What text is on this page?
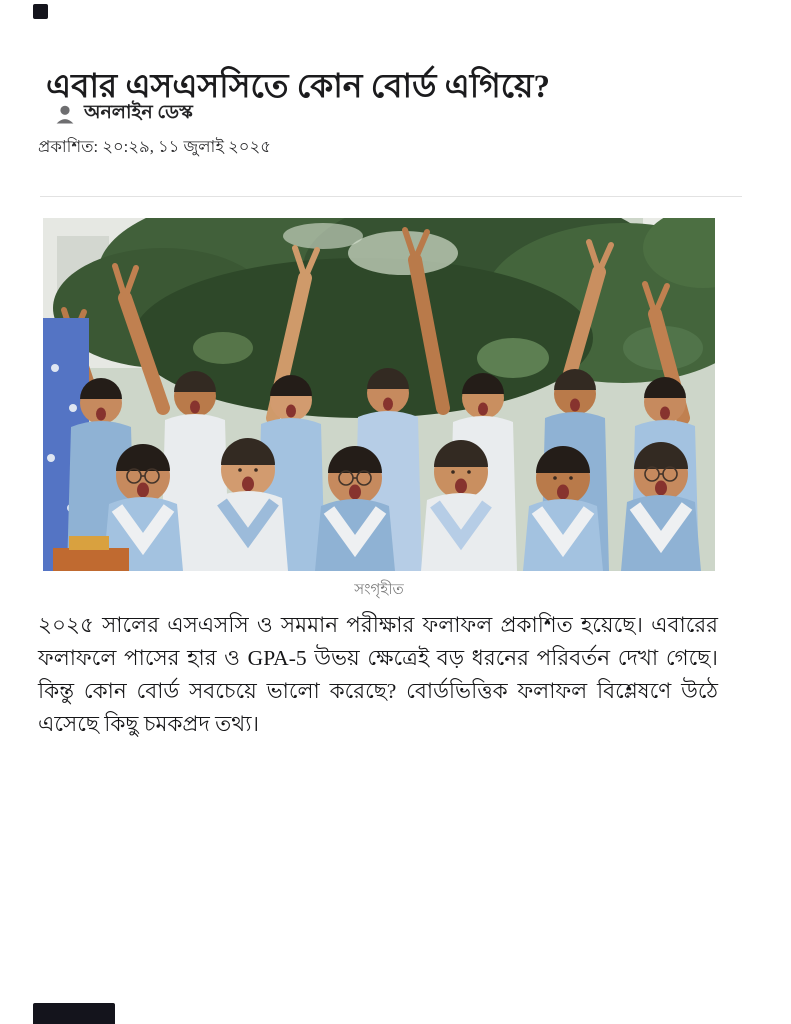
এবার এসএসসিতে কোন বোর্ড এগিয়ে?
অনলাইন ডেস্ক
প্রকাশিত: ২০:২৯, ১১ জুলাই ২০২৫
সংগৃহীত

২০২৫ সালের এসএসসি ও সমমান পরীক্ষার ফলাফল প্রকাশিত হয়েছে। এবারের ফলাফলে পাসের হার ও GPA-5 উভয় ক্ষেত্রেই বড় ধরনের পরিবর্তন দেখা গেছে। কিন্তু কোন বোর্ড সবচেয়ে ভালো করেছে? বোর্ডভিত্তিক ফলাফল বিশ্লেষণে উঠে এসেছে কিছু চমকপ্রদ তথ্য।
